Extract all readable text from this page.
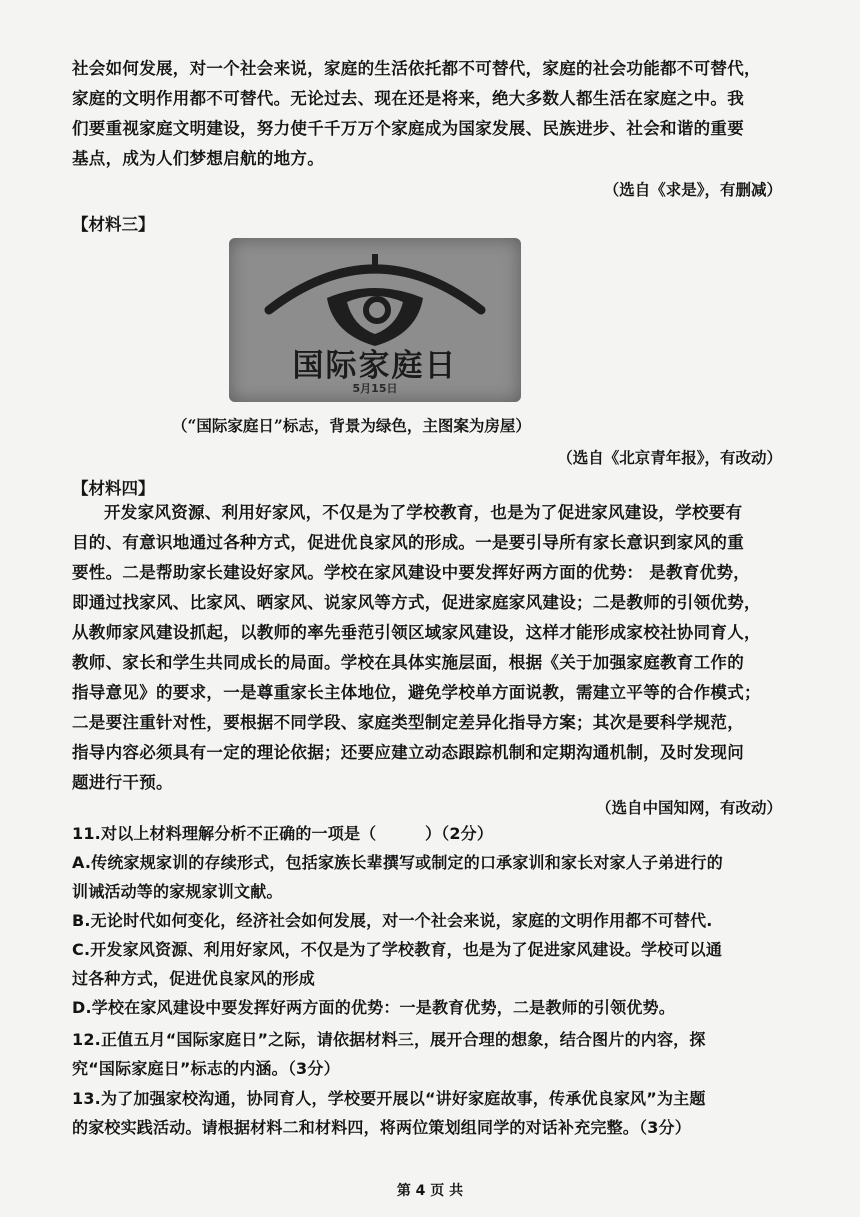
社会如何发展，对一个社会来说，家庭的生活依托都不可替代，家庭的社会功能都不可替代，
家庭的文明作用都不可替代。无论过去、现在还是将来，绝大多数人都生活在家庭之中。我
们要重视家庭文明建设，努力使千千万万个家庭成为国家发展、民族进步、社会和谐的重要
基点，成为人们梦想启航的地方。

（选自《求是》，有删减）

【材料三】

国际家庭日
5月15日

（“国际家庭日”标志，背景为绿色，主图案为房屋）

（选自《北京青年报》，有改动）

【材料四】

开发家风资源、利用好家风，不仅是为了学校教育，也是为了促进家风建设，学校要有
目的、有意识地通过各种方式，促进优良家风的形成。一是要引导所有家长意识到家风的重
要性。二是帮助家长建设好家风。学校在家风建设中要发挥好两方面的优势： 是教育优势，
即通过找家风、比家风、晒家风、说家风等方式，促进家庭家风建设；二是教师的引领优势，
从教师家风建设抓起，以教师的率先垂范引领区域家风建设，这样才能形成家校社协同育人，
教师、家长和学生共同成长的局面。学校在具体实施层面，根据《关于加强家庭教育工作的
指导意见》的要求，一是尊重家长主体地位，避免学校单方面说教，需建立平等的合作模式；
二是要注重针对性，要根据不同学段、家庭类型制定差异化指导方案；其次是要科学规范，
指导内容必须具有一定的理论依据；还要应建立动态跟踪机制和定期沟通机制，及时发现问
题进行干预。

（选自中国知网，有改动）

11.对以上材料理解分析不正确的一项是（　　　）（2分）
A.传统家规家训的存续形式，包括家族长辈撰写或制定的口承家训和家长对家人子弟进行的
训诫活动等的家规家训文献。
B.无论时代如何变化，经济社会如何发展，对一个社会来说，家庭的文明作用都不可替代.
C.开发家风资源、利用好家风，不仅是为了学校教育，也是为了促进家风建设。学校可以通
过各种方式，促进优良家风的形成
D.学校在家风建设中要发挥好两方面的优势：一是教育优势，二是教师的引领优势。

12.正值五月“国际家庭日”之际，请依据材料三，展开合理的想象，结合图片的内容，探
究“国际家庭日”标志的内涵。（3分）

13.为了加强家校沟通，协同育人，学校要开展以“讲好家庭故事，传承优良家风”为主题
的家校实践活动。请根据材料二和材料四，将两位策划组同学的对话补充完整。（3分）

第 4 页 共
